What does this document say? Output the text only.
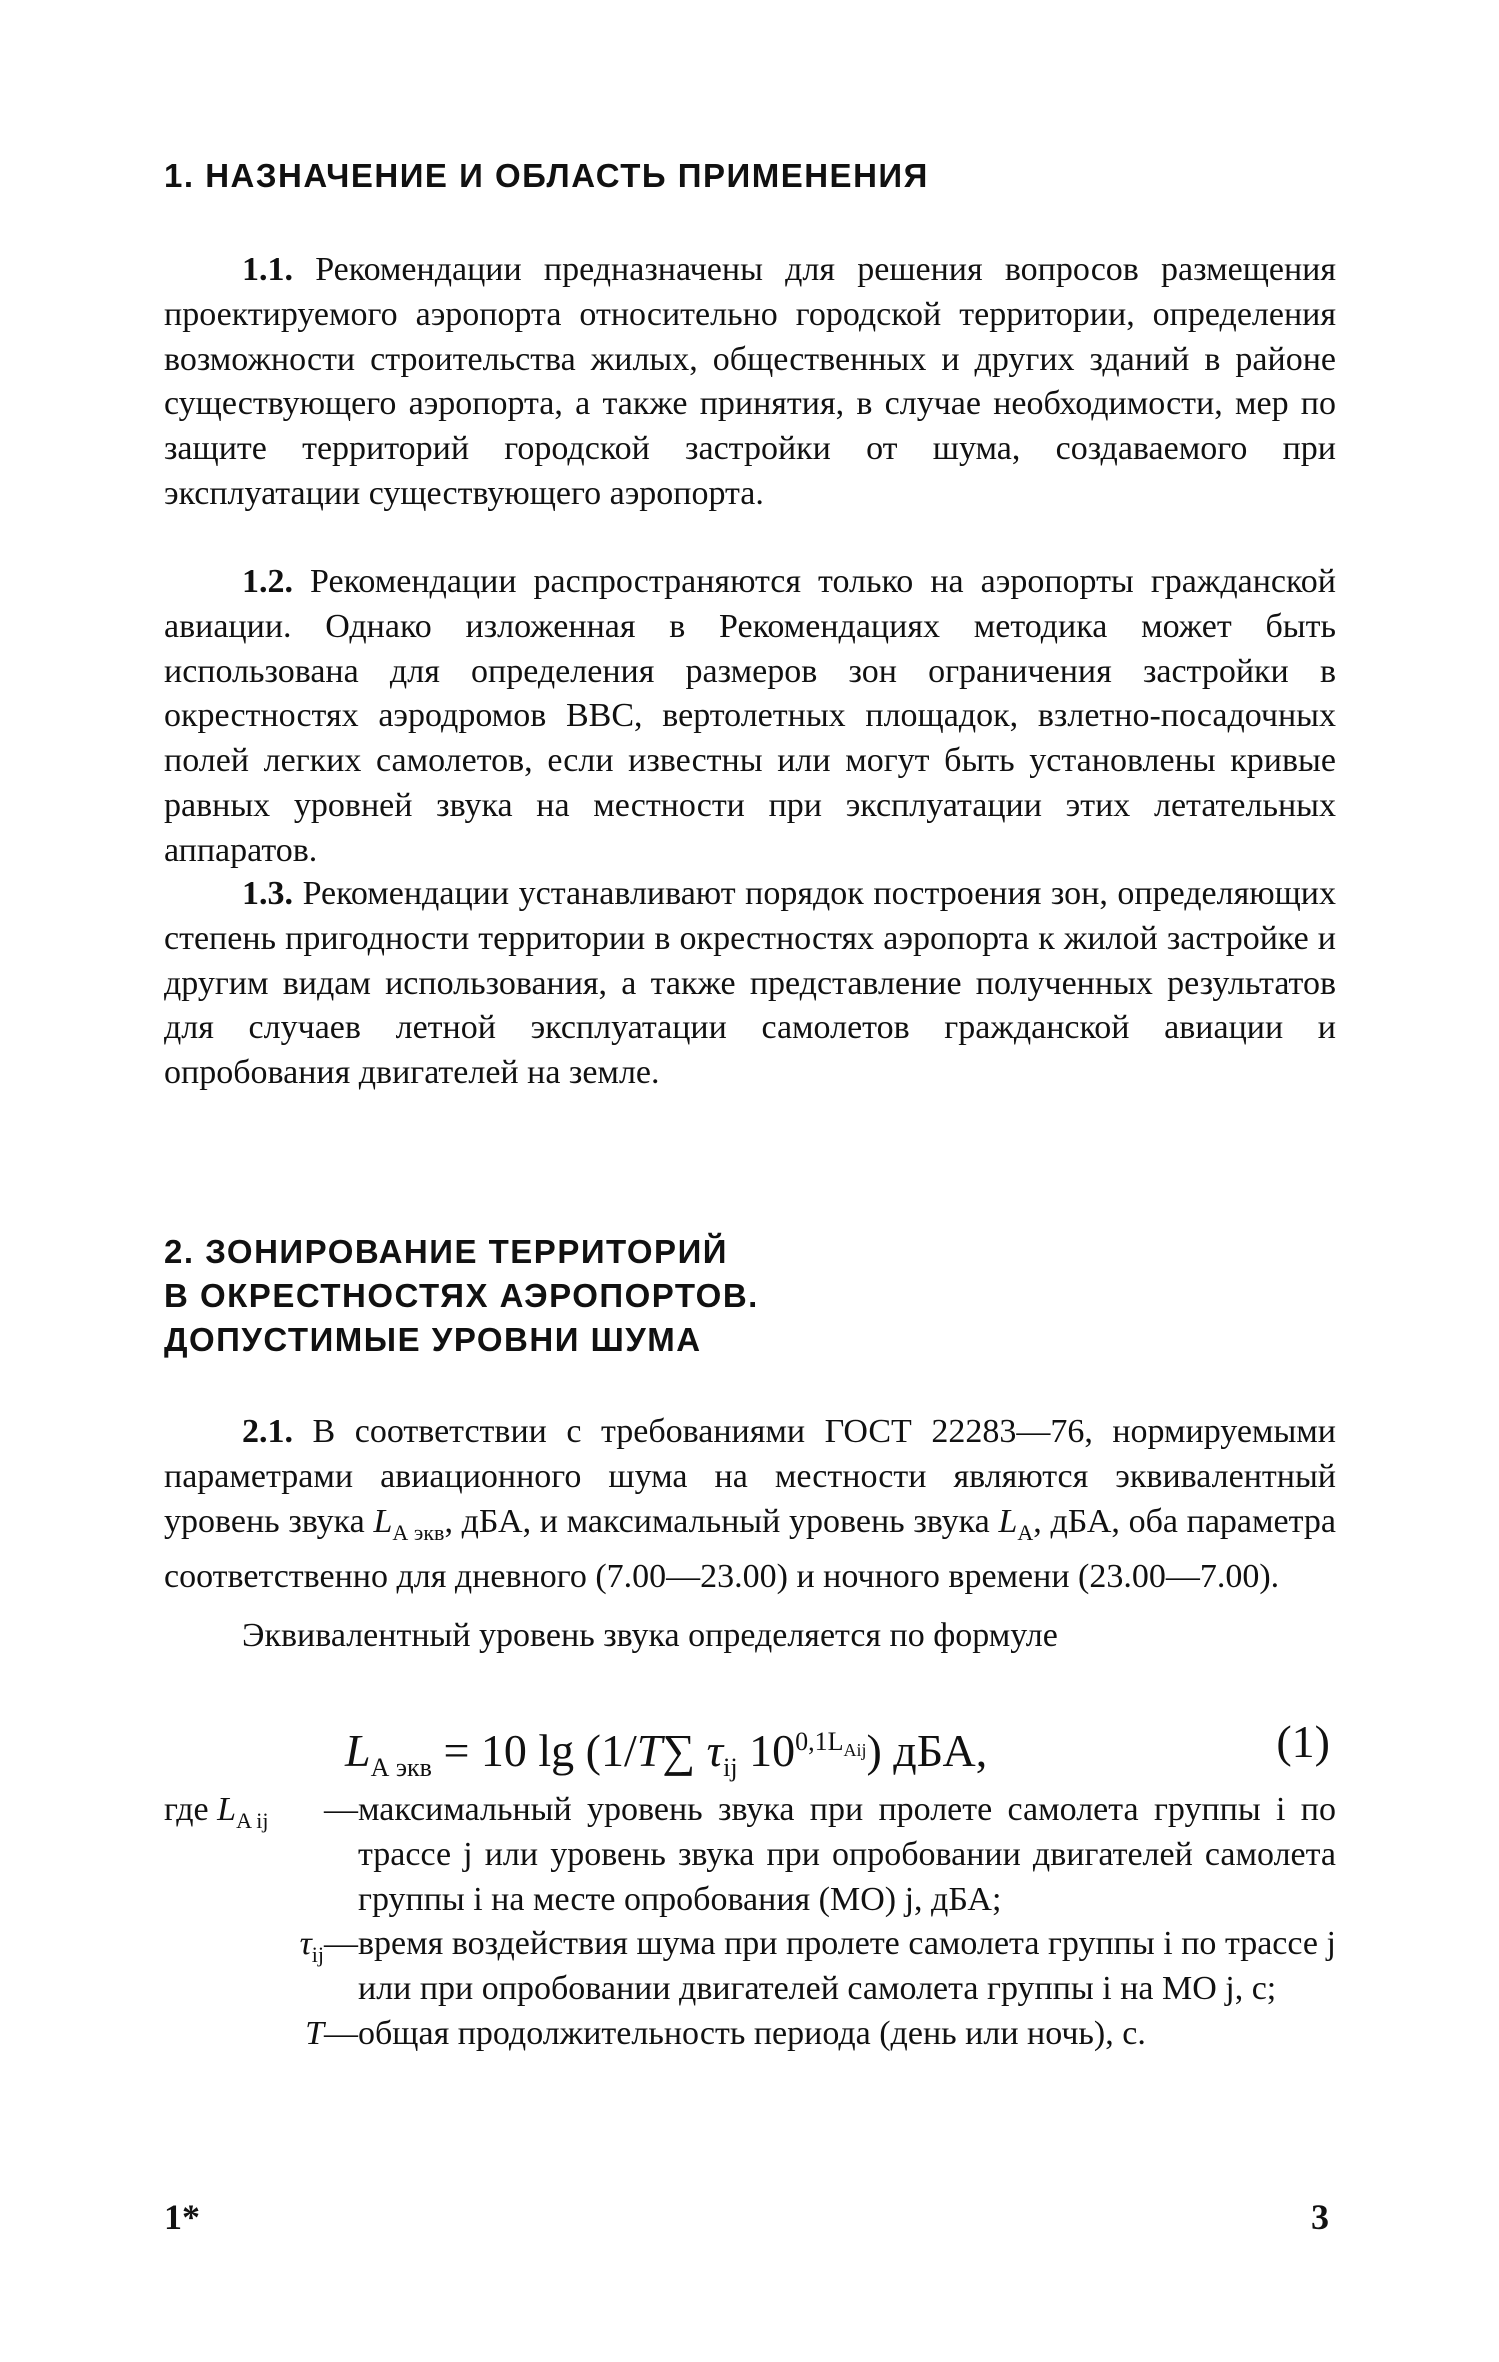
1. НАЗНАЧЕНИЕ И ОБЛАСТЬ ПРИМЕНЕНИЯ

1.1. Рекомендации предназначены для решения вопросов размещения проектируемого аэропорта относительно городской территории, определения возможности строительства жилых, общественных и других зданий в районе существующего аэропорта, а также принятия, в случае необходимости, мер по защите территорий городской застройки от шума, создаваемого при эксплуатации существующего аэропорта.

1.2. Рекомендации распространяются только на аэропорты гражданской авиации. Однако изложенная в Рекомендациях методика может быть использована для определения размеров зон ограничения застройки в окрестностях аэродромов ВВС, вертолетных площадок, взлетно-посадочных полей легких самолетов, если известны или могут быть установлены кривые равных уровней звука на местности при эксплуатации этих летательных аппаратов.

1.3. Рекомендации устанавливают порядок построения зон, определяющих степень пригодности территории в окрестностях аэропорта к жилой застройке и другим видам использования, а также представление полученных результатов для случаев летной эксплуатации самолетов гражданской авиации и опробования двигателей на земле.

2. ЗОНИРОВАНИЕ ТЕРРИТОРИЙ
В ОКРЕСТНОСТЯХ АЭРОПОРТОВ.
ДОПУСТИМЫЕ УРОВНИ ШУМА

2.1. В соответствии с требованиями ГОСТ 22283—76, нормируемыми параметрами авиационного шума на местности являются эквивалентный уровень звука $L_{А экв}$, дБА, и максимальный уровень звука $L_А$, дБА, оба параметра соответственно для дневного (7.00—23.00) и ночного времени (23.00—7.00).

Эквивалентный уровень звука определяется по формуле

$L_{А экв} = 10$ lg (1/T∑ $\tau_{ij}$ $10^{0,1L_{Aij}}$) дБА,	(1)
где $L_{A ij}$	— максимальный уровень звука при пролете самолета группы i по трассе j или уровень звука при опробовании двигателей самолета группы i на месте опробования (МО) j, дБА;
$\tau_{ij}$ — время воздействия шума при пролете самолета группы i по трассе j или при опробовании двигателей самолета группы i на МО j, с;
T — общая продолжительность периода (день или ночь), с.
1*	3
